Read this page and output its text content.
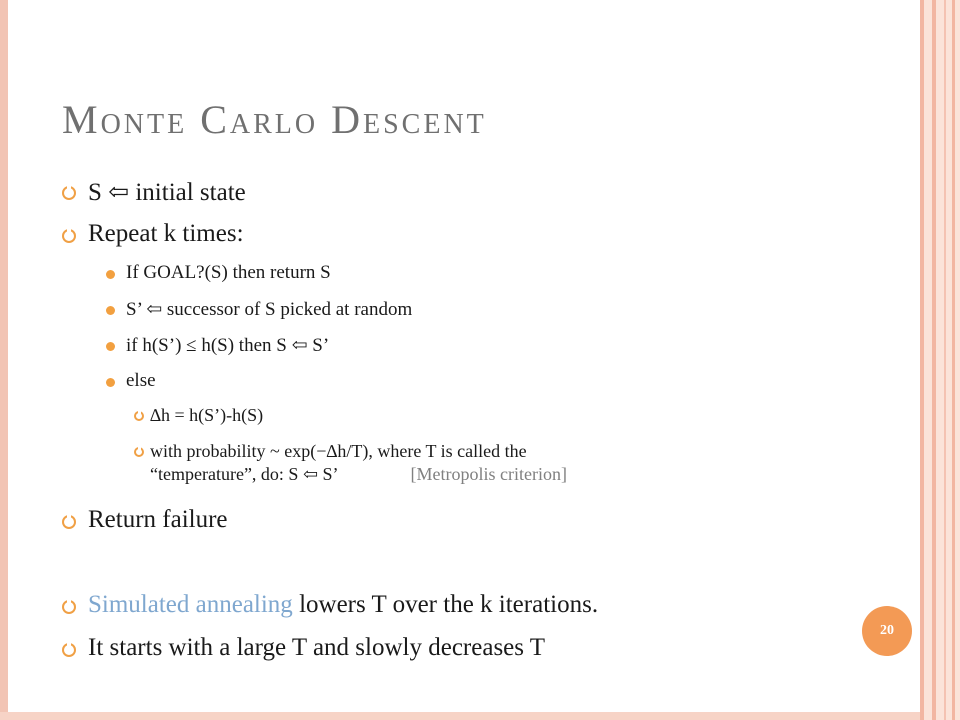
Monte Carlo Descent
S ⇦ initial state
Repeat k times:
If GOAL?(S) then return S
S’ ⇦ successor of S picked at random
if h(S’) ≤ h(S) then S ⇦ S’
else
∆h = h(S’)-h(S)
with probability ~ exp(−∆h/T), where T is called the
“temperature”, do: S ⇦ S’	[Metropolis criterion]
Return failure
Simulated annealing lowers T over the k iterations.
It starts with a large T and slowly decreases T
20
